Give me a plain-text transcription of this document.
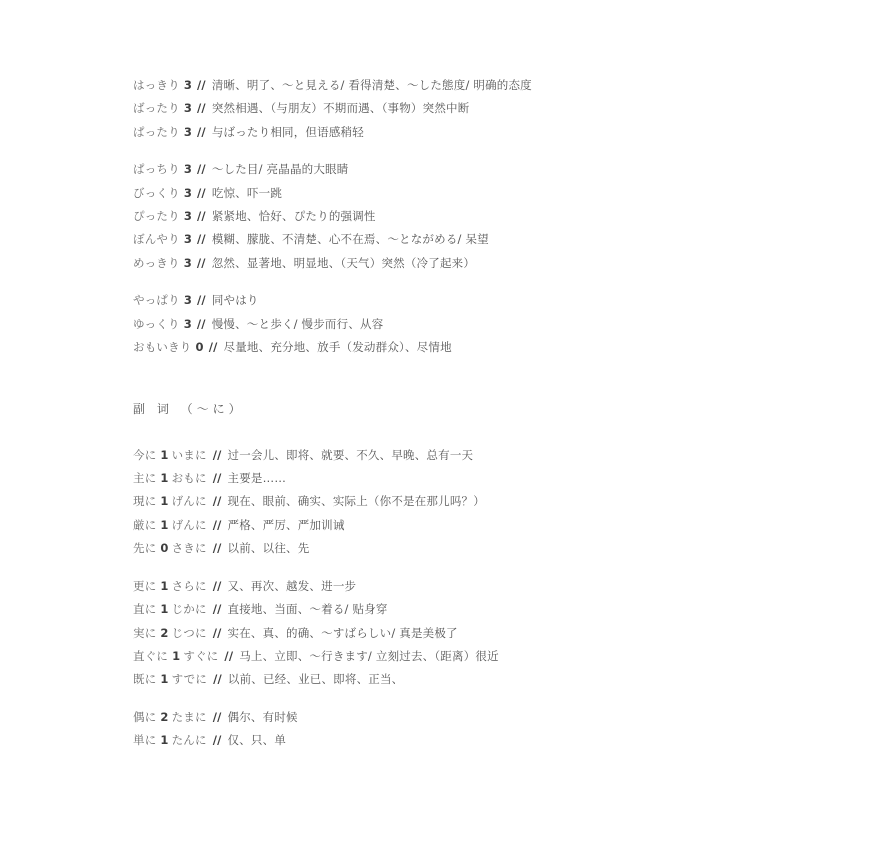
はっきり 3 // 清晰、明了、〜と見える/ 看得清楚、〜した態度/ 明确的态度
ばったり 3 // 突然相遇、（与朋友）不期而遇、（事物）突然中断
ぱったり 3 // 与ばったり相同，但语感稍轻
ぱっちり 3 // 〜した目/ 亮晶晶的大眼睛
びっくり 3 // 吃惊、吓一跳
ぴったり 3 // 紧紧地、恰好、ぴたり的强调性
ぼんやり 3 // 模糊、朦胧、不清楚、心不在焉、〜とながめる/ 呆望
めっきり 3 // 忽然、显著地、明显地、（天气）突然（冷了起来）
やっぱり 3 // 同やはり
ゆっくり 3 // 慢慢、〜と歩く/ 慢步而行、从容
おもいきり 0 // 尽量地、充分地、放手（发动群众）、尽情地
副 词 （〜に）
今に 1 いまに // 过一会儿、即将、就要、不久、早晚、总有一天
主に 1 おもに // 主要是……
現に 1 げんに // 现在、眼前、确实、实际上（你不是在那儿吗？）
厳に 1 げんに // 严格、严厉、严加训诫
先に 0 さきに // 以前、以往、先
更に 1 さらに // 又、再次、越发、进一步
直に 1 じかに // 直接地、当面、〜着る/ 贴身穿
実に 2 じつに // 实在、真、的确、〜すばらしい/ 真是美极了
直ぐに 1 すぐに // 马上、立即、〜行きます/ 立刻过去、（距离）很近
既に 1 すでに // 以前、已经、业已、即将、正当、
偶に 2 たまに // 偶尔、有时候
単に 1 たんに // 仅、只、单
